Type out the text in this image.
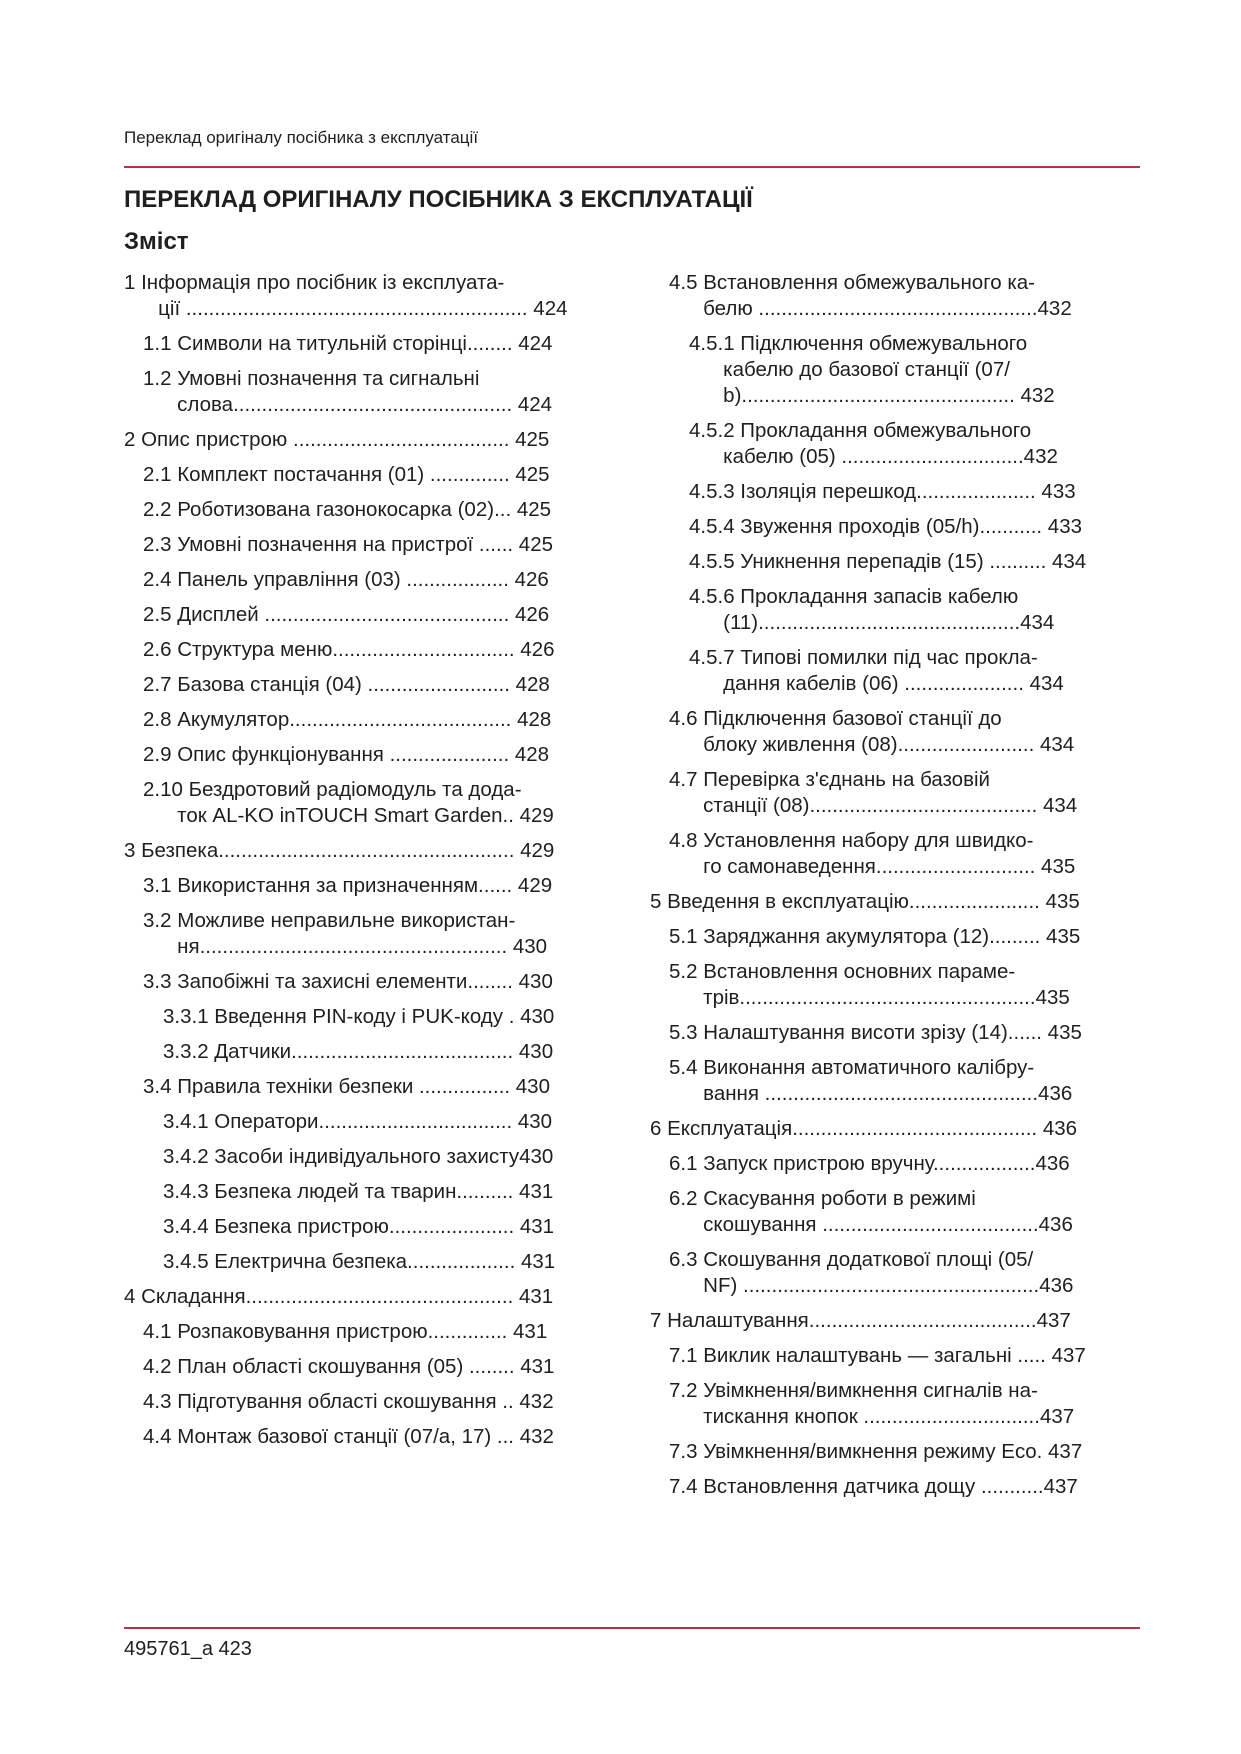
Переклад оригіналу посібника з експлуатації
ПЕРЕКЛАД ОРИГІНАЛУ ПОСІБНИКА З ЕКСПЛУАТАЦІЇ
Зміст
1 Інформація про посібник із експлуата-
ції ............................................................ 424
1.1 Символи на титульній сторінці........ 424
1.2 Умовні позначення та сигнальні
слова................................................. 424
2 Опис пристрою ...................................... 425
2.1 Комплект постачання (01) .............. 425
2.2 Роботизована газонокосарка (02)... 425
2.3 Умовні позначення на пристрої ...... 425
2.4 Панель управління (03) .................. 426
2.5 Дисплей ........................................... 426
2.6 Структура меню................................ 426
2.7 Базова станція (04) ......................... 428
2.8 Акумулятор....................................... 428
2.9 Опис функціонування ..................... 428
2.10 Бездротовий радіомодуль та дода-
ток AL-KO inTOUCH Smart Garden.. 429
3 Безпека.................................................... 429
3.1 Використання за призначенням...... 429
3.2 Можливе неправильне використан-
ня...................................................... 430
3.3 Запобіжні та захисні елементи........ 430
3.3.1 Введення PIN-коду і PUK-коду . 430
3.3.2 Датчики....................................... 430
3.4 Правила техніки безпеки ................ 430
3.4.1 Оператори.................................. 430
3.4.2 Засоби індивідуального захисту430
3.4.3 Безпека людей та тварин.......... 431
3.4.4 Безпека пристрою...................... 431
3.4.5 Електрична безпека................... 431
4 Складання............................................... 431
4.1 Розпаковування пристрою.............. 431
4.2 План області скошування (05) ........ 431
4.3 Підготування області скошування .. 432
4.4 Монтаж базової станції (07/a, 17) ... 432
4.5 Встановлення обмежувального ка-
белю .................................................432
4.5.1 Підключення обмежувального
кабелю до базової станції (07/
b)................................................ 432
4.5.2 Прокладання обмежувального
кабелю (05) ................................432
4.5.3 Ізоляція перешкод..................... 433
4.5.4 Звуження проходів (05/h)........... 433
4.5.5 Уникнення перепадів (15) .......... 434
4.5.6 Прокладання запасів кабелю
(11)..............................................434
4.5.7 Типові помилки під час прокла-
дання кабелів (06) ..................... 434
4.6 Підключення базової станції до
блоку живлення (08)........................ 434
4.7 Перевірка з'єднань на базовій
станції (08)........................................ 434
4.8 Установлення набору для швидко-
го самонаведення............................ 435
5 Введення в експлуатацію....................... 435
5.1 Заряджання акумулятора (12)......... 435
5.2 Встановлення основних параме-
трів....................................................435
5.3 Налаштування висоти зрізу (14)...... 435
5.4 Виконання автоматичного калібру-
вання ................................................436
6 Експлуатація........................................... 436
6.1 Запуск пристрою вручну..................436
6.2 Скасування роботи в режимі
скошування ......................................436
6.3 Скошування додаткової площі (05/
NF) ....................................................436
7 Налаштування........................................437
7.1 Виклик налаштувань — загальні ..... 437
7.2 Увімкнення/вимкнення сигналів на-
тискання кнопок ...............................437
7.3 Увімкнення/вимкнення режиму Eco. 437
7.4 Встановлення датчика дощу ...........437
495761_a 423
